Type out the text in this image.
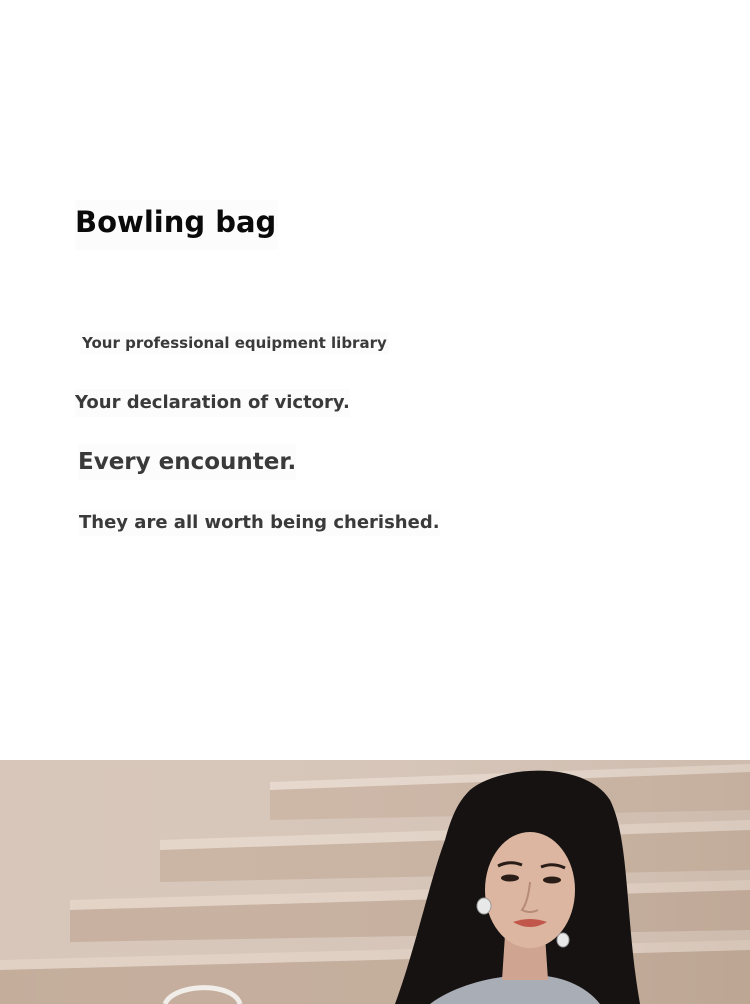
Bowling bag
Your professional equipment library
Your declaration of victory.
Every encounter.
They are all worth being cherished.
